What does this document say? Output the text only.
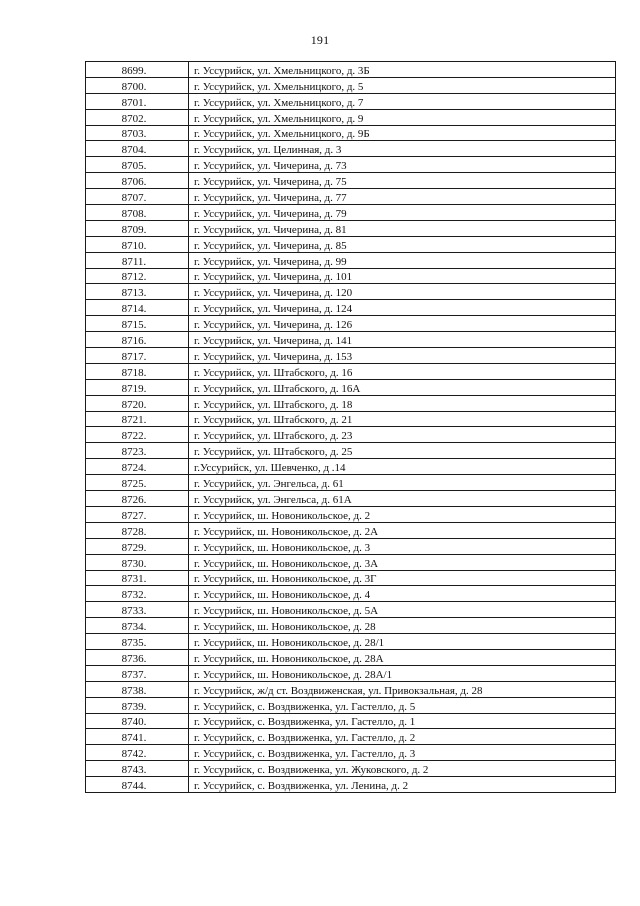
191
8699.	г. Уссурийск, ул. Хмельницкого, д. 3Б
8700.	г. Уссурийск, ул. Хмельницкого, д. 5
8701.	г. Уссурийск, ул. Хмельницкого, д. 7
8702.	г. Уссурийск, ул. Хмельницкого, д. 9
8703.	г. Уссурийск, ул. Хмельницкого, д. 9Б
8704.	г. Уссурийск, ул. Целинная, д. 3
8705.	г. Уссурийск, ул. Чичерина, д. 73
8706.	г. Уссурийск, ул. Чичерина, д. 75
8707.	г. Уссурийск, ул. Чичерина, д. 77
8708.	г. Уссурийск, ул. Чичерина, д. 79
8709.	г. Уссурийск, ул. Чичерина, д. 81
8710.	г. Уссурийск, ул. Чичерина, д. 85
8711.	г. Уссурийск, ул. Чичерина, д. 99
8712.	г. Уссурийск, ул. Чичерина, д. 101
8713.	г. Уссурийск, ул. Чичерина, д. 120
8714.	г. Уссурийск, ул. Чичерина, д. 124
8715.	г. Уссурийск, ул. Чичерина, д. 126
8716.	г. Уссурийск, ул. Чичерина, д. 141
8717.	г. Уссурийск, ул. Чичерина, д. 153
8718.	г. Уссурийск, ул. Штабского, д. 16
8719.	г. Уссурийск, ул. Штабского, д. 16А
8720.	г. Уссурийск, ул. Штабского, д. 18
8721.	г. Уссурийск, ул. Штабского, д. 21
8722.	г. Уссурийск, ул. Штабского, д. 23
8723.	г. Уссурийск, ул. Штабского, д. 25
8724.	г.Уссурийск, ул. Шевченко, д .14
8725.	г. Уссурийск, ул. Энгельса, д. 61
8726.	г. Уссурийск, ул. Энгельса, д. 61А
8727.	г. Уссурийск, ш. Новоникольское, д. 2
8728.	г. Уссурийск, ш. Новоникольское, д. 2А
8729.	г. Уссурийск, ш. Новоникольское, д. 3
8730.	г. Уссурийск, ш. Новоникольское, д. 3А
8731.	г. Уссурийск, ш. Новоникольское, д. 3Г
8732.	г. Уссурийск, ш. Новоникольское, д. 4
8733.	г. Уссурийск, ш. Новоникольское, д. 5А
8734.	г. Уссурийск, ш. Новоникольское, д. 28
8735.	г. Уссурийск, ш. Новоникольское, д. 28/1
8736.	г. Уссурийск, ш. Новоникольское, д. 28А
8737.	г. Уссурийск, ш. Новоникольское, д. 28А/1
8738.	г. Уссурийск, ж/д ст. Воздвиженская, ул. Привокзальная, д. 28
8739.	г. Уссурийск, с. Воздвиженка, ул. Гастелло, д. 5
8740.	г. Уссурийск, с. Воздвиженка, ул. Гастелло, д. 1
8741.	г. Уссурийск, с. Воздвиженка, ул. Гастелло, д. 2
8742.	г. Уссурийск, с. Воздвиженка, ул. Гастелло, д. 3
8743.	г. Уссурийск, с. Воздвиженка, ул. Жуковского, д. 2
8744.	г. Уссурийск, с. Воздвиженка, ул. Ленина, д. 2
